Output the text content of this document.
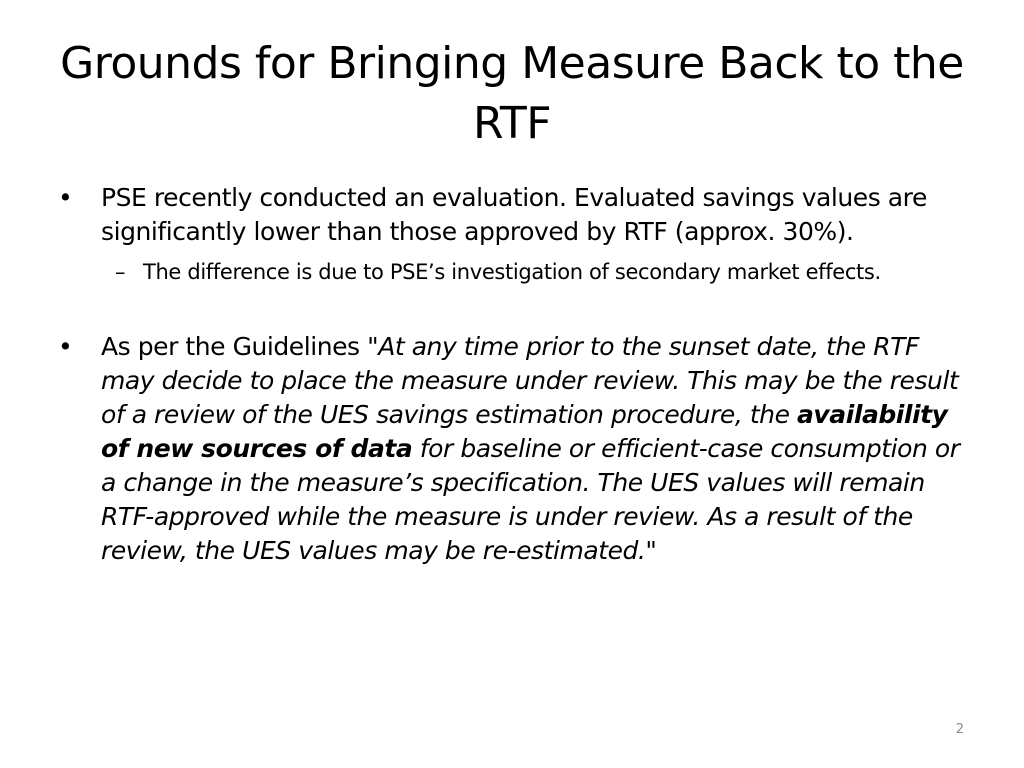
Grounds for Bringing Measure Back to the RTF
•	PSE recently conducted an evaluation. Evaluated savings values are significantly lower than those approved by RTF (approx. 30%).
– The difference is due to PSE’s investigation of secondary market effects.
•	As per the Guidelines "At any time prior to the sunset date, the RTF may decide to place the measure under review. This may be the result of a review of the UES savings estimation procedure, the availability of new sources of data for baseline or efficient-case consumption or a change in the measure’s specification. The UES values will remain RTF-approved while the measure is under review. As a result of the review, the UES values may be re-estimated."
2
